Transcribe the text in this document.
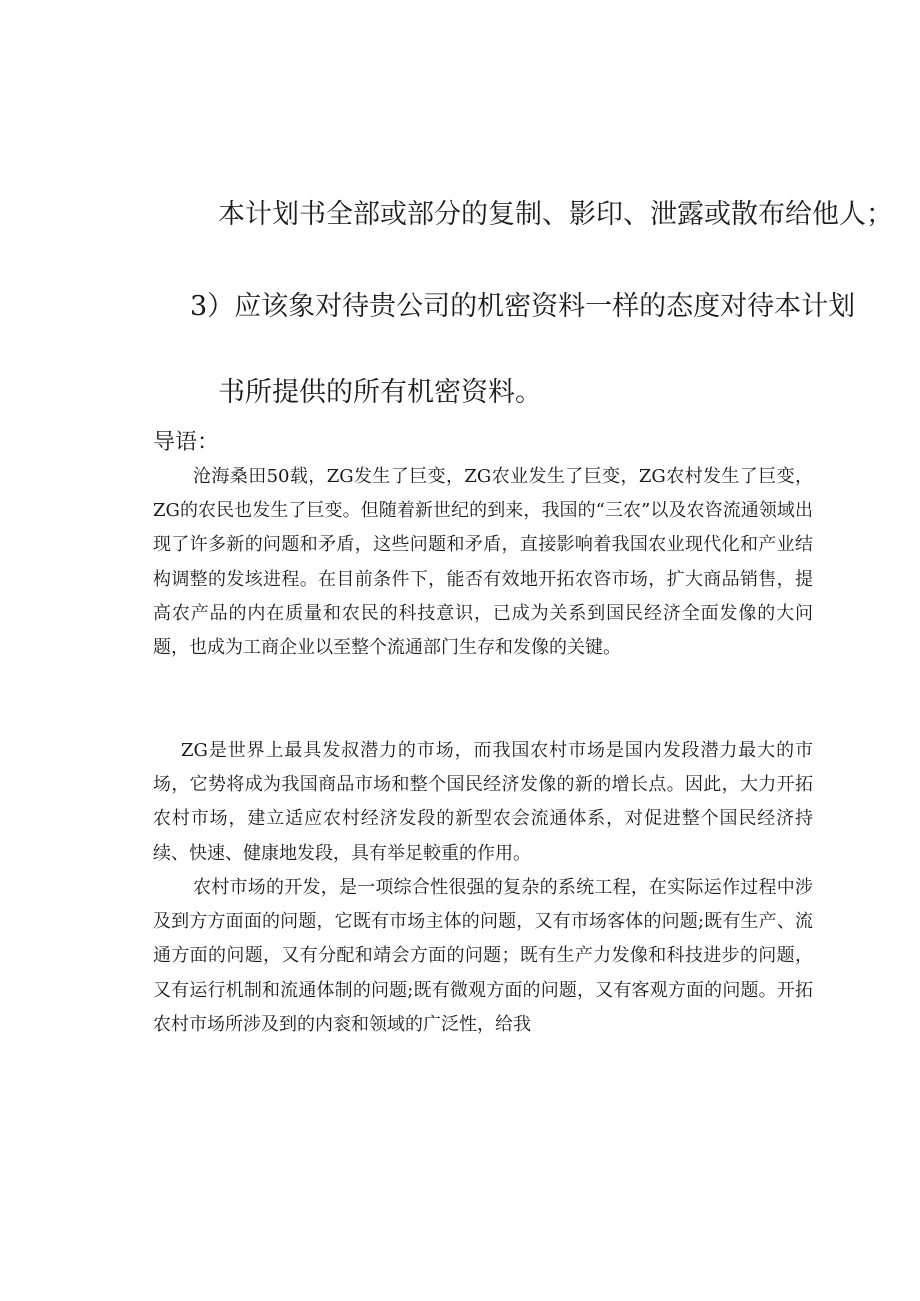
本计划书全部或部分的复制、影印、泄露或散布给他人；
3）应该象对待贵公司的机密资料一样的态度对待本计划
书所提供的所有机密资料。
导语：
沧海桑田50载，ZG发生了巨变，ZG农业发生了巨变，ZG农村发生了巨变，ZG的农民也发生了巨变。但随着新世纪的到来，我国的“三农”以及农咨流通领域出现了许多新的问题和矛盾，这些问题和矛盾，直接影响着我国农业现代化和产业结构调整的发垓进程。在目前条件下，能否有效地开拓农咨市场，扩大商品销售，提高农产品的内在质量和农民的科技意识，已成为关系到国民经济全面发像的大问题，也成为工商企业以至整个流通部门生存和发像的关键。
ZG是世界上最具发叔潜力的市场，而我国农村市场是国内发段潜力最大的市场，它势将成为我国商品市场和整个国民经济发像的新的增长点。因此，大力开拓农村市场，建立适应农村经济发段的新型农会流通体系，对促进整个国民经济持续、快速、健康地发段，具有举足較重的作用。
农村市场的开发，是一项综合性很强的复杂的系统工程，在实际运作过程中涉及到方方面面的问题，它既有市场主体的问题，又有市场客体的问题;既有生产、流通方面的问题，又有分配和靖会方面的问题；既有生产力发像和科技进步的问题，又有运行机制和流通体制的问题;既有微观方面的问题，又有客观方面的问题。开拓农村市场所涉及到的内衮和领域的广泛性，给我
